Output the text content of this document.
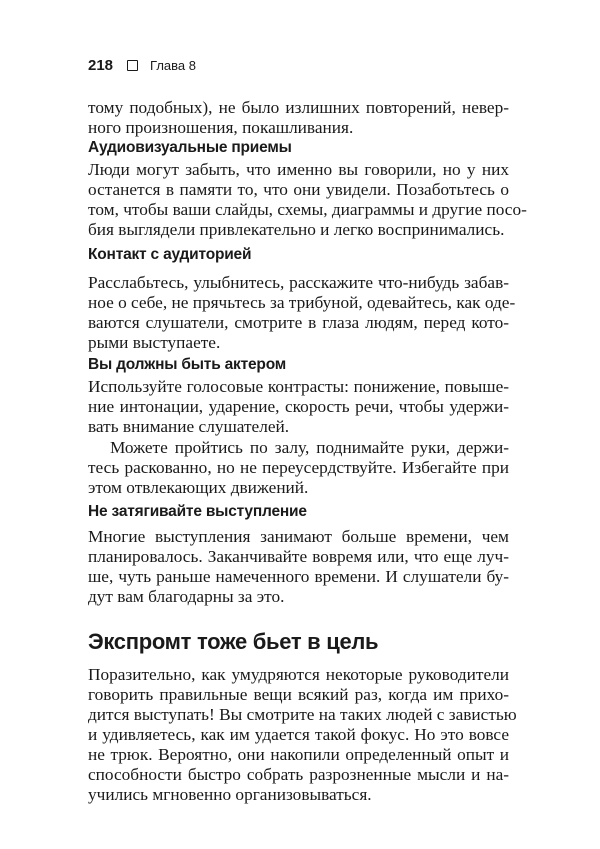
218	Глава 8
тому подобных), не было излишних повторений, невер-
ного произношения, покашливания.
Аудиовизуальные приемы
Люди могут забыть, что именно вы говорили, но у них
останется в памяти то, что они увидели. Позаботьтесь о
том, чтобы ваши слайды, схемы, диаграммы и другие посо-
бия выглядели привлекательно и легко воспринимались.
Контакт с аудиторией
Расслабьтесь, улыбнитесь, расскажите что-нибудь забав-
ное о себе, не прячьтесь за трибуной, одевайтесь, как оде-
ваются слушатели, смотрите в глаза людям, перед кото-
рыми выступаете.
Вы должны быть актером
Используйте голосовые контрасты: понижение, повыше-
ние интонации, ударение, скорость речи, чтобы удержи-
вать внимание слушателей.
Можете пройтись по залу, поднимайте руки, держи-
тесь раскованно, но не переусердствуйте. Избегайте при
этом отвлекающих движений.
Не затягивайте выступление
Многие выступления занимают больше времени, чем
планировалось. Заканчивайте вовремя или, что еще луч-
ше, чуть раньше намеченного времени. И слушатели бу-
дут вам благодарны за это.
Экспромт тоже бьет в цель
Поразительно, как умудряются некоторые руководители
говорить правильные вещи всякий раз, когда им прихо-
дится выступать! Вы смотрите на таких людей с завистью
и удивляетесь, как им удается такой фокус. Но это вовсе
не трюк. Вероятно, они накопили определенный опыт и
способности быстро собрать разрозненные мысли и на-
учились мгновенно организовываться.
